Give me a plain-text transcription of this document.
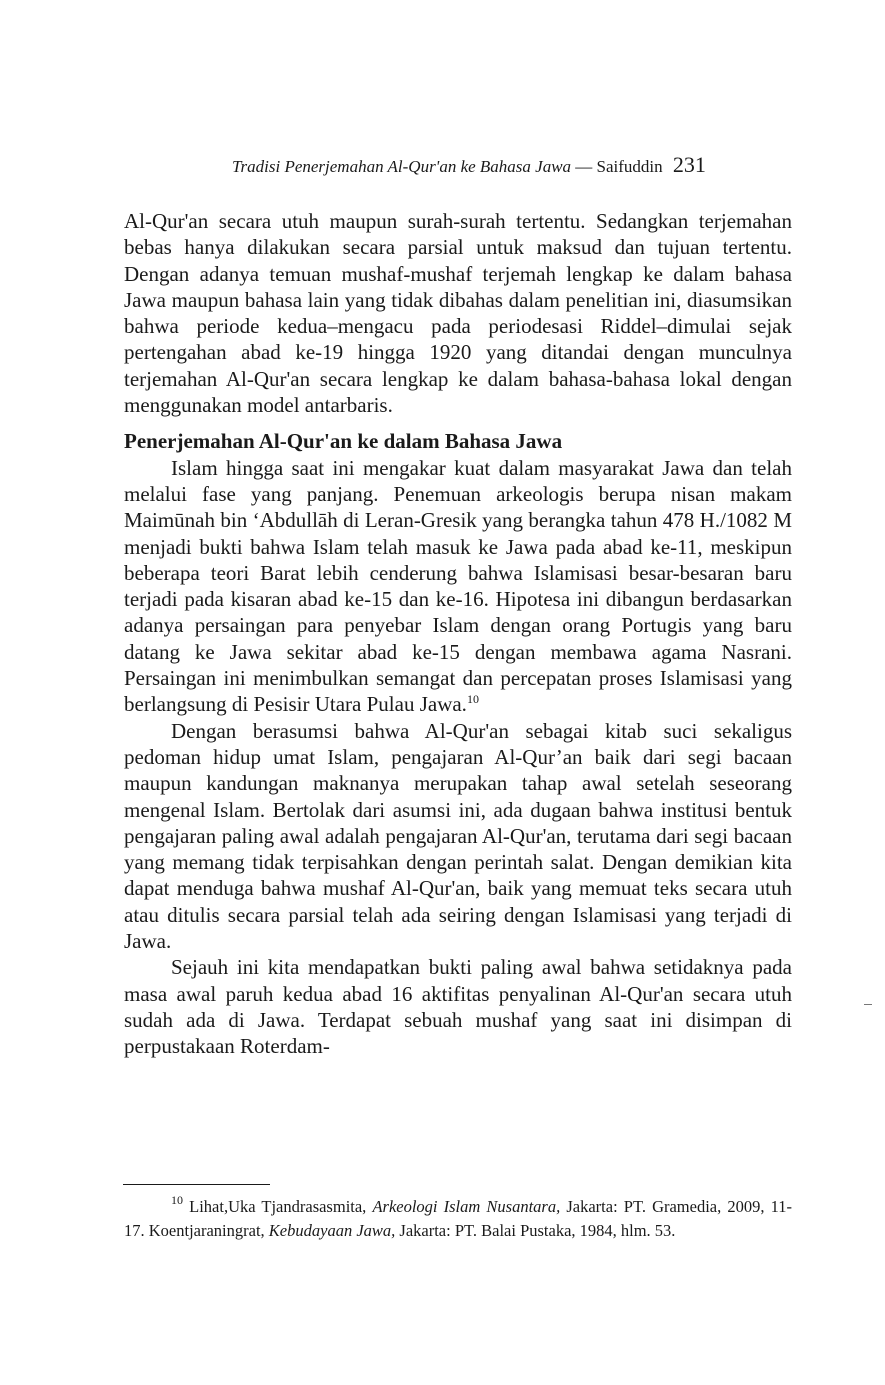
Tradisi Penerjemahan Al-Qur'an ke Bahasa Jawa — Saifuddin 231

Al-Qur'an secara utuh maupun surah-surah tertentu. Sedangkan terjemahan bebas hanya dilakukan secara parsial untuk maksud dan tujuan tertentu. Dengan adanya temuan mushaf-mushaf terjemah lengkap ke dalam bahasa Jawa maupun bahasa lain yang tidak dibahas dalam penelitian ini, diasumsikan bahwa periode kedua–mengacu pada periodesasi Riddel–dimulai sejak pertengahan abad ke-19 hingga 1920 yang ditandai dengan munculnya terjemahan Al-Qur'an secara lengkap ke dalam bahasa-bahasa lokal dengan menggunakan model antarbaris.

Penerjemahan Al-Qur'an ke dalam Bahasa Jawa

Islam hingga saat ini mengakar kuat dalam masyarakat Jawa dan telah melalui fase yang panjang. Penemuan arkeologis berupa nisan makam Maimūnah bin ‘Abdullāh di Leran-Gresik yang berangka tahun 478 H./1082 M menjadi bukti bahwa Islam telah masuk ke Jawa pada abad ke-11, meskipun beberapa teori Barat lebih cenderung bahwa Islamisasi besar-besaran baru terjadi pada kisaran abad ke-15 dan ke-16. Hipotesa ini dibangun berdasarkan adanya persaingan para penyebar Islam dengan orang Portugis yang baru datang ke Jawa sekitar abad ke-15 dengan membawa agama Nasrani. Persaingan ini menimbulkan semangat dan percepatan proses Islamisasi yang berlangsung di Pesisir Utara Pulau Jawa.$^{10}$

Dengan berasumsi bahwa Al-Qur'an sebagai kitab suci sekaligus pedoman hidup umat Islam, pengajaran Al-Qur’an baik dari segi bacaan maupun kandungan maknanya merupakan tahap awal setelah seseorang mengenal Islam. Bertolak dari asumsi ini, ada dugaan bahwa institusi bentuk pengajaran paling awal adalah pengajaran Al-Qur'an, terutama dari segi bacaan yang memang tidak terpisahkan dengan perintah salat. Dengan demikian kita dapat menduga bahwa mushaf Al-Qur'an, baik yang memuat teks secara utuh atau ditulis secara parsial telah ada seiring dengan Islamisasi yang terjadi di Jawa.

Sejauh ini kita mendapatkan bukti paling awal bahwa setidaknya pada masa awal paruh kedua abad 16 aktifitas penyalinan Al-Qur'an secara utuh sudah ada di Jawa. Terdapat sebuah mushaf yang saat ini disimpan di perpustakaan Roterdam-

$^{10}$ Lihat,Uka Tjandrasasmita, Arkeologi Islam Nusantara, Jakarta: PT. Gramedia, 2009, 11-17. Koentjaraningrat, Kebudayaan Jawa, Jakarta: PT. Balai Pustaka, 1984, hlm. 53.
